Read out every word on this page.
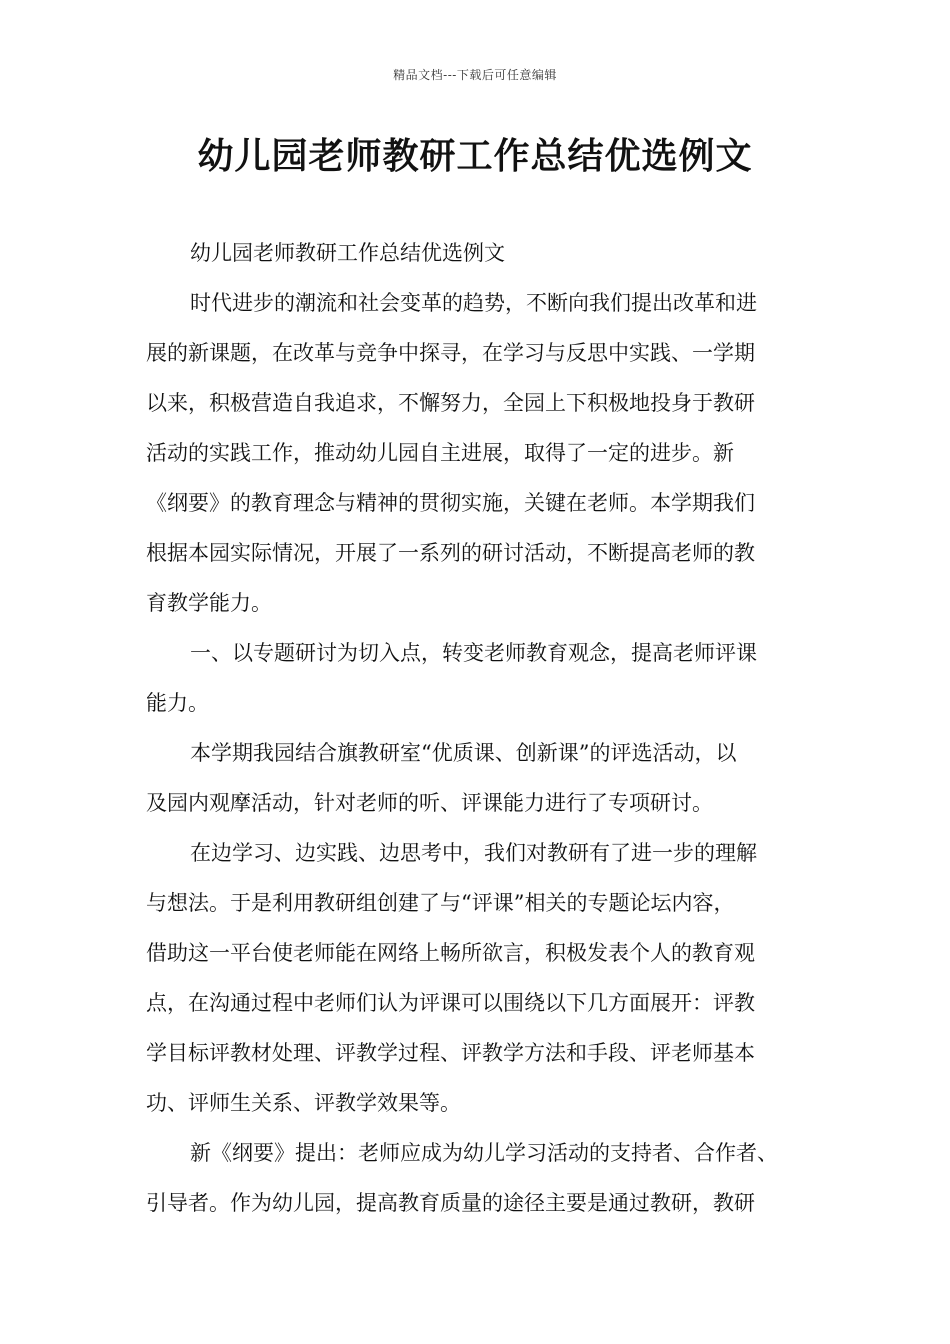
精品文档---下载后可任意编辑
幼儿园老师教研工作总结优选例文
幼儿园老师教研工作总结优选例文
时代进步的潮流和社会变革的趋势，不断向我们提出改革和进
展的新课题，在改革与竞争中探寻，在学习与反思中实践、一学期
以来，积极营造自我追求，不懈努力，全园上下积极地投身于教研
活动的实践工作，推动幼儿园自主进展，取得了一定的进步。新
《纲要》的教育理念与精神的贯彻实施，关键在老师。本学期我们
根据本园实际情况，开展了一系列的研讨活动，不断提高老师的教
育教学能力。
一、以专题研讨为切入点，转变老师教育观念，提高老师评课
能力。
本学期我园结合旗教研室“优质课、创新课”的评选活动，以
及园内观摩活动，针对老师的听、评课能力进行了专项研讨。
在边学习、边实践、边思考中，我们对教研有了进一步的理解
与想法。于是利用教研组创建了与“评课”相关的专题论坛内容，
借助这一平台使老师能在网络上畅所欲言，积极发表个人的教育观
点，在沟通过程中老师们认为评课可以围绕以下几方面展开：评教
学目标评教材处理、评教学过程、评教学方法和手段、评老师基本
功、评师生关系、评教学效果等。
新《纲要》提出：老师应成为幼儿学习活动的支持者、合作者、
引导者。作为幼儿园，提高教育质量的途径主要是通过教研，教研
